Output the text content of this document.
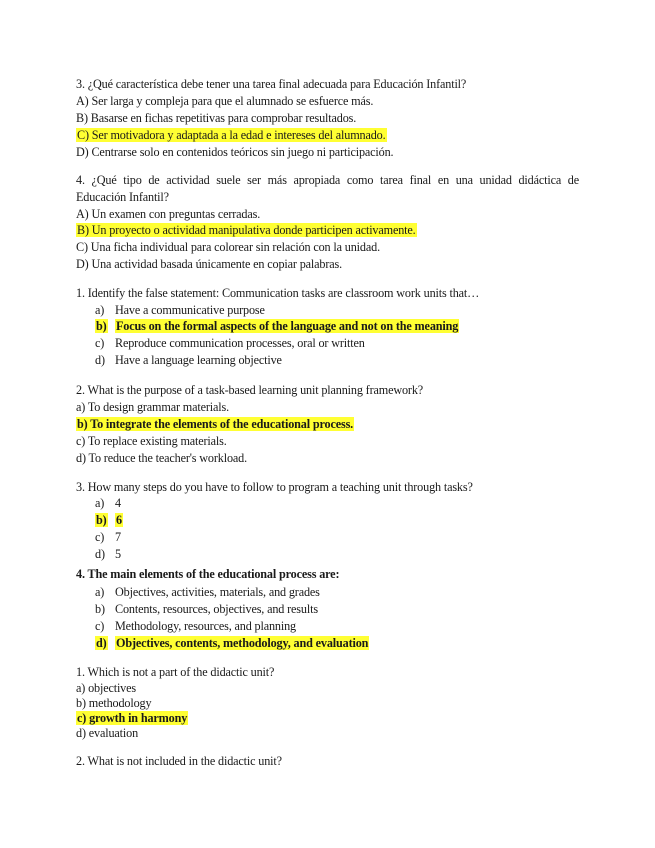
3. ¿Qué característica debe tener una tarea final adecuada para Educación Infantil?
A) Ser larga y compleja para que el alumnado se esfuerce más.
B) Basarse en fichas repetitivas para comprobar resultados.
C) Ser motivadora y adaptada a la edad e intereses del alumnado.
D) Centrarse solo en contenidos teóricos sin juego ni participación.
4. ¿Qué tipo de actividad suele ser más apropiada como tarea final en una unidad didáctica de
Educación Infantil?
A) Un examen con preguntas cerradas.
B) Un proyecto o actividad manipulativa donde participen activamente.
C) Una ficha individual para colorear sin relación con la unidad.
D) Una actividad basada únicamente en copiar palabras.
1. Identify the false statement: Communication tasks are classroom work units that…
a) Have a communicative purpose
b) Focus on the formal aspects of the language and not on the meaning
c) Reproduce communication processes, oral or written
d) Have a language learning objective
2. What is the purpose of a task-based learning unit planning framework?
a) To design grammar materials.
b) To integrate the elements of the educational process.
c) To replace existing materials.
d) To reduce the teacher's workload.
3. How many steps do you have to follow to program a teaching unit through tasks?
a) 4
b) 6
c) 7
d) 5
4. The main elements of the educational process are:
a) Objectives, activities, materials, and grades
b) Contents, resources, objectives, and results
c) Methodology, resources, and planning
d) Objectives, contents, methodology, and evaluation
1. Which is not a part of the didactic unit?
a) objectives
b) methodology
c) growth in harmony
d) evaluation
2. What is not included in the didactic unit?
